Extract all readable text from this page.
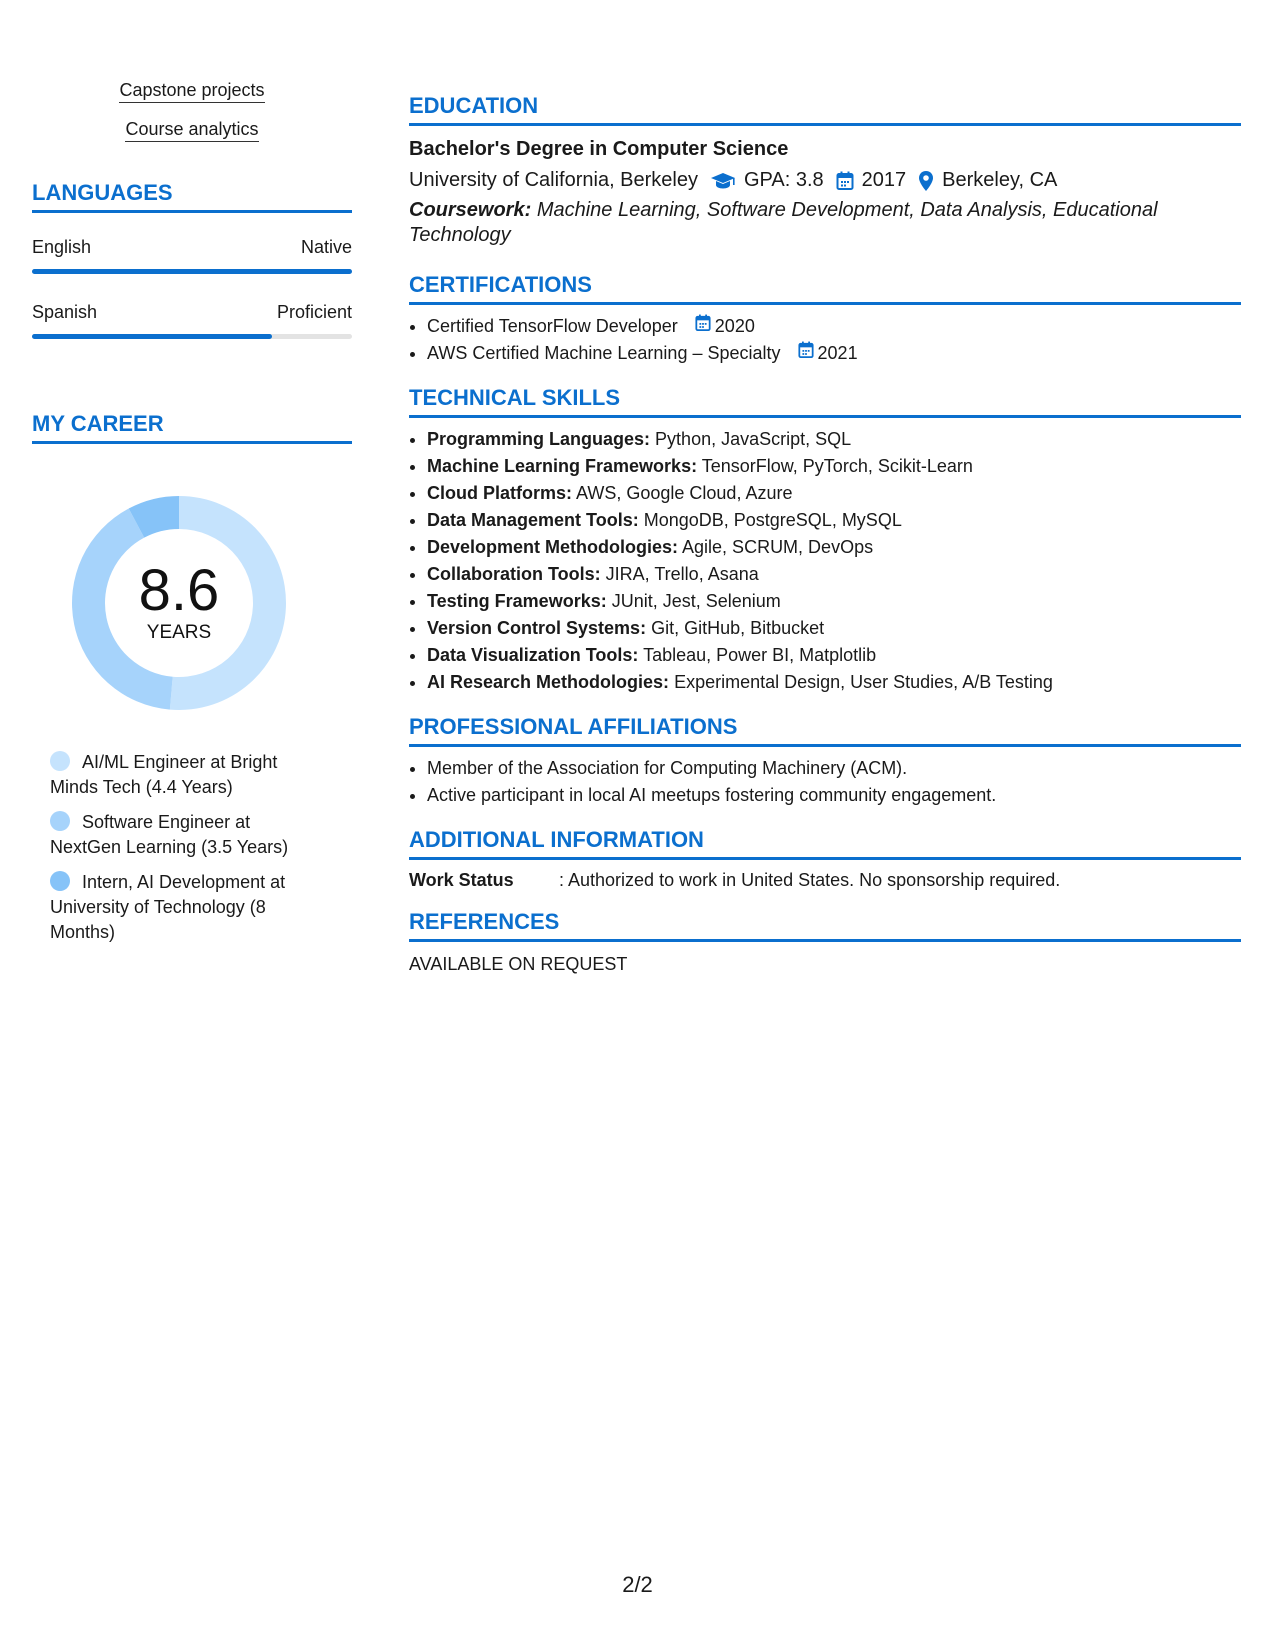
Capstone projects
Course analytics
LANGUAGES
English	Native
Spanish	Proficient
MY CAREER
8.6
YEARS
AI/ML Engineer at Bright Minds Tech (4.4 Years)
Software Engineer at NextGen Learning (3.5 Years)
Intern, AI Development at University of Technology (8 Months)
EDUCATION
Bachelor's Degree in Computer Science
University of California, Berkeley GPA: 3.8 2017 Berkeley, CA
Coursework: Machine Learning, Software Development, Data Analysis, Educational Technology
CERTIFICATIONS
• Certified TensorFlow Developer 2020
• AWS Certified Machine Learning – Specialty 2021
TECHNICAL SKILLS
• Programming Languages: Python, JavaScript, SQL
• Machine Learning Frameworks: TensorFlow, PyTorch, Scikit-Learn
• Cloud Platforms: AWS, Google Cloud, Azure
• Data Management Tools: MongoDB, PostgreSQL, MySQL
• Development Methodologies: Agile, SCRUM, DevOps
• Collaboration Tools: JIRA, Trello, Asana
• Testing Frameworks: JUnit, Jest, Selenium
• Version Control Systems: Git, GitHub, Bitbucket
• Data Visualization Tools: Tableau, Power BI, Matplotlib
• AI Research Methodologies: Experimental Design, User Studies, A/B Testing
PROFESSIONAL AFFILIATIONS
• Member of the Association for Computing Machinery (ACM).
• Active participant in local AI meetups fostering community engagement.
ADDITIONAL INFORMATION
Work Status	: Authorized to work in United States. No sponsorship required.
REFERENCES
AVAILABLE ON REQUEST
2/2
